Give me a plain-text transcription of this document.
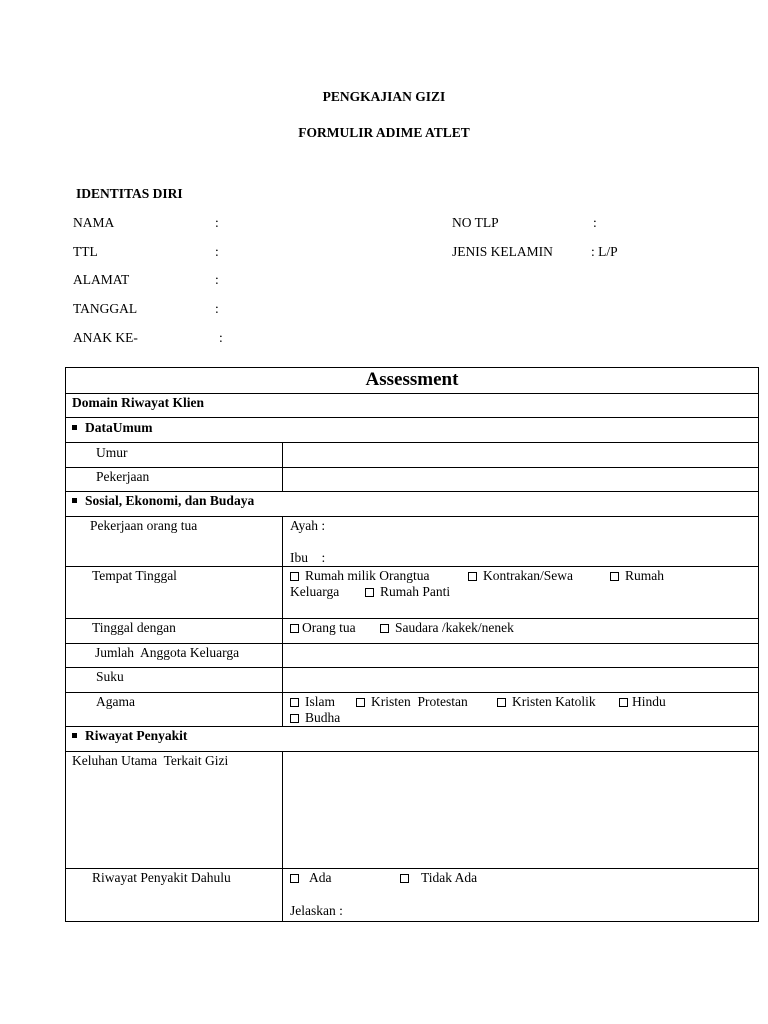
PENGKAJIAN GIZI
FORMULIR ADIME ATLET
IDENTITAS DIRI
NAMA	:
TTL	:
ALAMAT	:
TANGGAL	:
ANAK KE-	:
NO TLP	:
JENIS KELAMIN	: L/P
Assessment
Domain Riwayat Klien
DataUmum
Umur
Pekerjaan
Sosial, Ekonomi, dan Budaya
Pekerjaan orang tua	Ayah :
Ibu    :
Tempat Tinggal	Rumah milik Orangtua	Kontrakan/Sewa	Rumah
Keluarga	Rumah Panti
Tinggal dengan	Orang tua	Saudara /kakek/nenek
Jumlah  Anggota Keluarga
Suku
Agama	Islam	Kristen  Protestan	Kristen Katolik	Hindu
Budha
Riwayat Penyakit
Keluhan Utama  Terkait Gizi
Riwayat Penyakit Dahulu	Ada	Tidak Ada
Jelaskan :
